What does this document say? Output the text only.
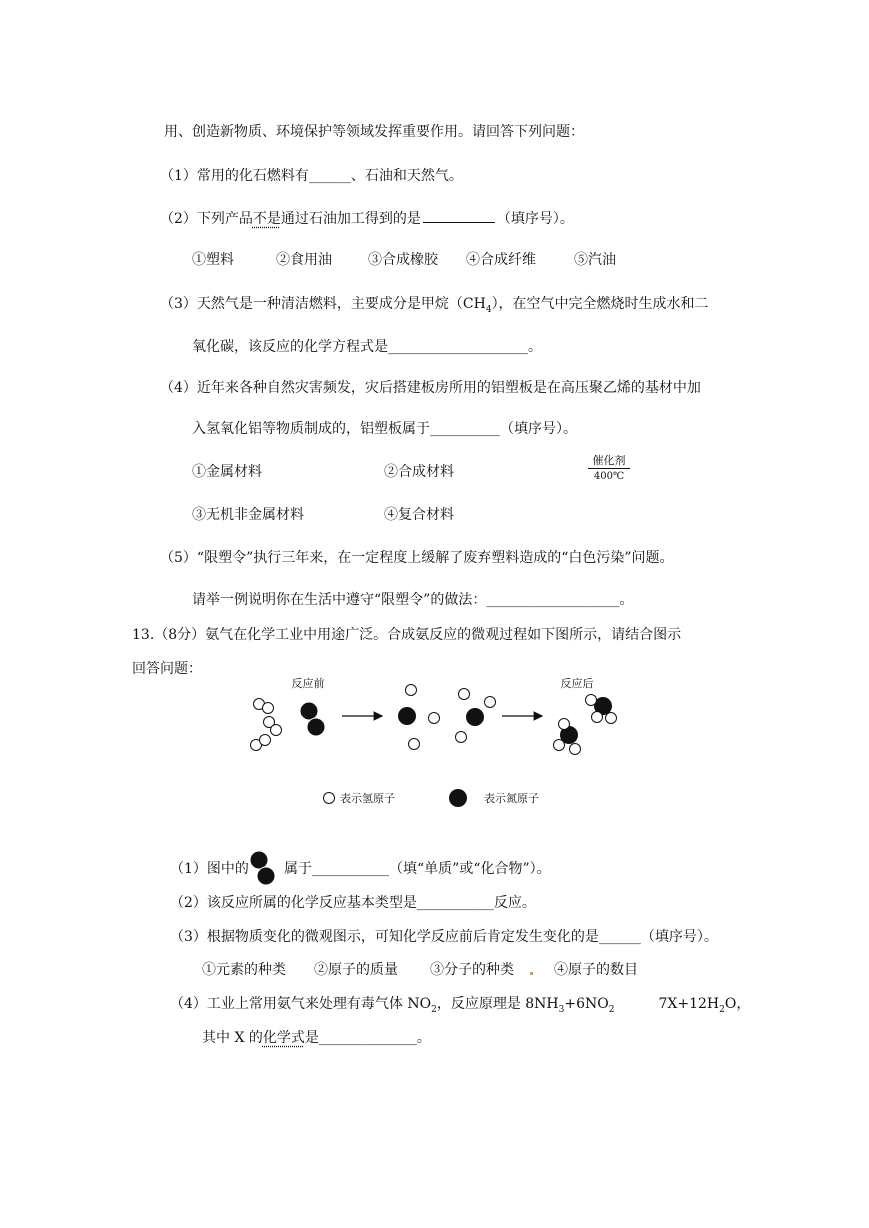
用、创造新物质、环境保护等领域发挥重要作用。请回答下列问题：
（1）常用的化石燃料有______、石油和天然气。
（2）下列产品不是通过石油加工得到的是	（填序号）。
①塑料	②食用油	③合成橡胶 ④合成纤维	⑤汽油
（3）天然气是一种清洁燃料，主要成分是甲烷$(CH_4)$，在空气中完全燃烧时生成水和二
氧化碳，该反应的化学方程式是____________________。
（4）近年来各种自然灾害频发，灾后搭建板房所用的铝塑板是在高压聚乙烯的基材中加
入氢氧化铝等物质制成的，铝塑板属于__________（填序号）。
①金属材料	②合成材料
③无机非金属材料	④复合材料
催化剂
400℃
（5）“限塑令”执行三年来，在一定程度上缓解了废弃塑料造成的“白色污染”问题。
请举一例说明你在生活中遵守“限塑令”的做法：___________________。
13.（8分）氨气在化学工业中用途广泛。合成氨反应的微观过程如下图所示，请结合图示
回答问题：
反应前	反应后
表示氢原子	表示氮原子
（1）图中的	属于___________（填“单质”或“化合物”）。
（2）该反应所属的化学反应基本类型是___________反应。
（3）根据物质变化的微观图示，可知化学反应前后肯定发生变化的是______（填序号）。
①元素的种类 ②原子的质量 ③分子的种类	④原子的数目
（4）工业上常用氨气来处理有毒气体 $NO_2$，反应原理是 $8NH_3+6NO_2$	$7X+12H_2O$，
其中 X 的化学式是______________。
